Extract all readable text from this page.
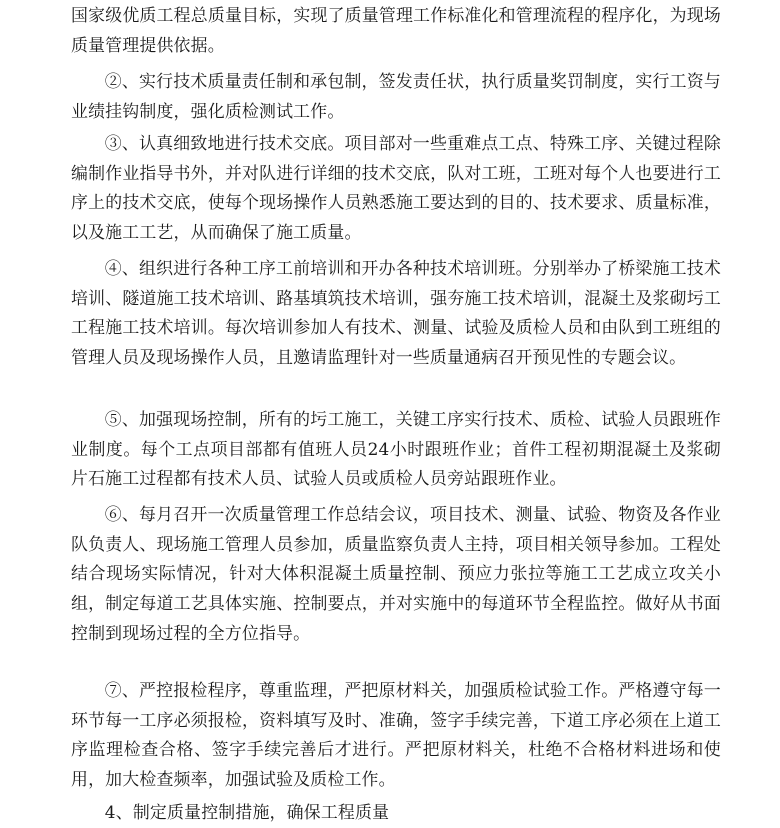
国家级优质工程总质量目标，实现了质量管理工作标准化和管理流程的程序化，为现场质量管理提供依据。

②、实行技术质量责任制和承包制，签发责任状，执行质量奖罚制度，实行工资与业绩挂钩制度，强化质检测试工作。

③、认真细致地进行技术交底。项目部对一些重难点工点、特殊工序、关键过程除编制作业指导书外，并对队进行详细的技术交底，队对工班，工班对每个人也要进行工序上的技术交底，使每个现场操作人员熟悉施工要达到的目的、技术要求、质量标准，以及施工工艺，从而确保了施工质量。

④、组织进行各种工序工前培训和开办各种技术培训班。分别举办了桥梁施工技术培训、隧道施工技术培训、路基填筑技术培训，强夯施工技术培训，混凝土及浆砌圬工工程施工技术培训。每次培训参加人有技术、测量、试验及质检人员和由队到工班组的管理人员及现场操作人员，且邀请监理针对一些质量通病召开预见性的专题会议。

⑤、加强现场控制，所有的圬工施工，关键工序实行技术、质检、试验人员跟班作业制度。每个工点项目部都有值班人员24小时跟班作业；首件工程初期混凝土及浆砌片石施工过程都有技术人员、试验人员或质检人员旁站跟班作业。

⑥、每月召开一次质量管理工作总结会议，项目技术、测量、试验、物资及各作业队负责人、现场施工管理人员参加，质量监察负责人主持，项目相关领导参加。工程处结合现场实际情况，针对大体积混凝土质量控制、预应力张拉等施工工艺成立攻关小组，制定每道工艺具体实施、控制要点，并对实施中的每道环节全程监控。做好从书面控制到现场过程的全方位指导。

⑦、严控报检程序，尊重监理，严把原材料关，加强质检试验工作。严格遵守每一环节每一工序必须报检，资料填写及时、准确，签字手续完善，下道工序必须在上道工序监理检查合格、签字手续完善后才进行。严把原材料关，杜绝不合格材料进场和使用，加大检查频率，加强试验及质检工作。

4、制定质量控制措施，确保工程质量
